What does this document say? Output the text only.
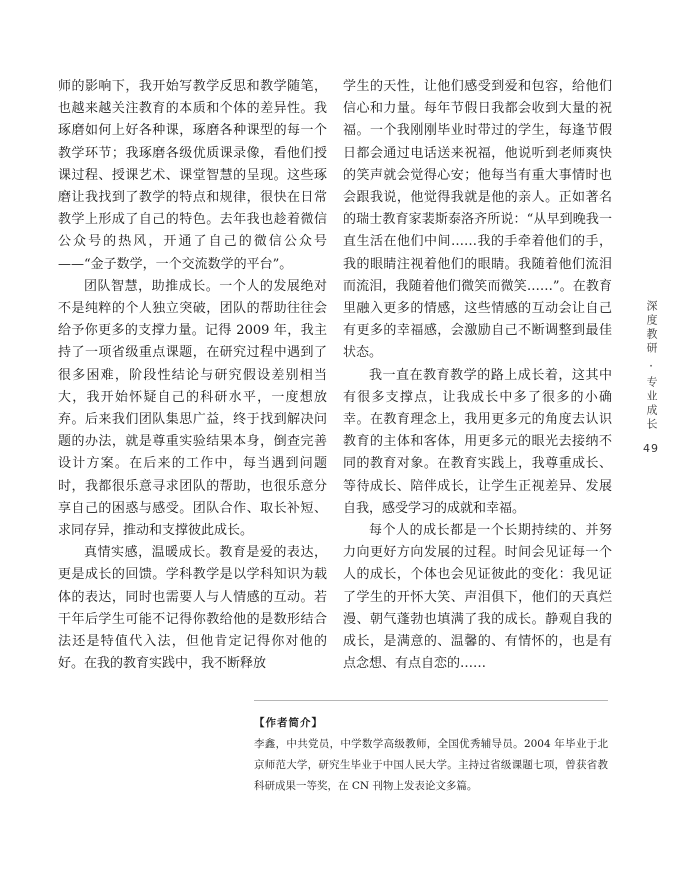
师的影响下，我开始写教学反思和教学随笔，也越来越关注教育的本质和个体的差异性。我琢磨如何上好各种课，琢磨各种课型的每一个教学环节；我琢磨各级优质课录像，看他们授课过程、授课艺术、课堂智慧的呈现。这些琢磨让我找到了教学的特点和规律，很快在日常教学上形成了自己的特色。去年我也趁着微信公众号的热风，开通了自己的微信公众号——“金子数学，一个交流数学的平台”。

团队智慧，助推成长。一个人的发展绝对不是纯粹的个人独立突破，团队的帮助往往会给予你更多的支撑力量。记得 2009 年，我主持了一项省级重点课题，在研究过程中遇到了很多困难，阶段性结论与研究假设差别相当大，我开始怀疑自己的科研水平，一度想放弃。后来我们团队集思广益，终于找到解决问题的办法，就是尊重实验结果本身，倒查完善设计方案。在后来的工作中，每当遇到问题时，我都很乐意寻求团队的帮助，也很乐意分享自己的困惑与感受。团队合作、取长补短、求同存异，推动和支撑彼此成长。

真情实感，温暖成长。教育是爱的表达，更是成长的回馈。学科教学是以学科知识为载体的表达，同时也需要人与人情感的互动。若干年后学生可能不记得你教给他的是数形结合法还是特值代入法，但他肯定记得你对他的好。在我的教育实践中，我不断释放

学生的天性，让他们感受到爱和包容，给他们信心和力量。每年节假日我都会收到大量的祝福。一个我刚刚毕业时带过的学生，每逢节假日都会通过电话送来祝福，他说听到老师爽快的笑声就会觉得心安；他每当有重大事情时也会跟我说，他觉得我就是他的亲人。正如著名的瑞士教育家裴斯泰洛齐所说：“从早到晚我一直生活在他们中间……我的手牵着他们的手，我的眼睛注视着他们的眼睛。我随着他们流泪而流泪，我随着他们微笑而微笑……”。在教育里融入更多的情感，这些情感的互动会让自己有更多的幸福感，会激励自己不断调整到最佳状态。

我一直在教育教学的路上成长着，这其中有很多支撑点，让我成长中多了很多的小确幸。在教育理念上，我用更多元的角度去认识教育的主体和客体，用更多元的眼光去接纳不同的教育对象。在教育实践上，我尊重成长、等待成长、陪伴成长，让学生正视差异、发展自我，感受学习的成就和幸福。

每个人的成长都是一个长期持续的、并努力向更好方向发展的过程。时间会见证每一个人的成长，个体也会见证彼此的变化：我见证了学生的开怀大笑、声泪俱下，他们的天真烂漫、朝气蓬勃也填满了我的成长。静观自我的成长，是满意的、温馨的、有情怀的，也是有点念想、有点自恋的……

深度教研
·
专业成长
49

【作者简介】

李鑫，中共党员，中学数学高级教师，全国优秀辅导员。2004 年毕业于北京师范大学，研究生毕业于中国人民大学。主持过省级课题七项，曾获省教科研成果一等奖，在 CN 刊物上发表论文多篇。
